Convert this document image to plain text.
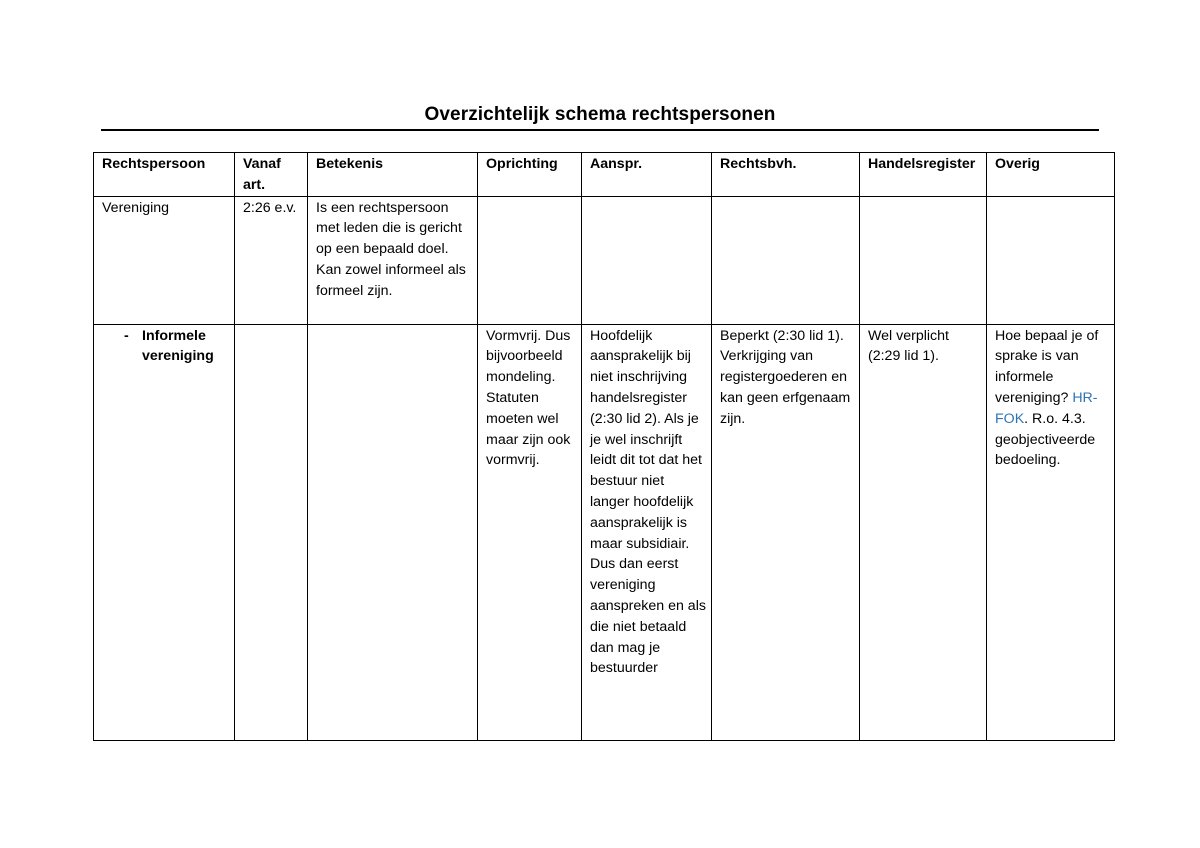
Overzichtelijk schema rechtspersonen
Rechtspersoon	Vanaf art.	Betekenis	Oprichting	Aanspr.	Rechtsbvh.	Handelsregister	Overig
Vereniging	2:26 e.v.	Is een rechtspersoon met leden die is gericht op een bepaald doel. Kan zowel informeel als formeel zijn.					

- Informele vereniging			Vormvrij. Dus bijvoorbeeld mondeling. Statuten moeten wel maar zijn ook vormvrij.	Hoofdelijk aansprakelijk bij niet inschrijving handelsregister (2:30 lid 2). Als je je wel inschrijft leidt dit tot dat het bestuur niet langer hoofdelijk aansprakelijk is maar subsidiair. Dus dan eerst vereniging aanspreken en als die niet betaald dan mag je bestuurder	Beperkt (2:30 lid 1). Verkrijging van registergoederen en kan geen erfgenaam zijn.	Wel verplicht (2:29 lid 1).	Hoe bepaal je of sprake is van informele vereniging? HR-FOK. R.o. 4.3. geobjectiveerde bedoeling.
